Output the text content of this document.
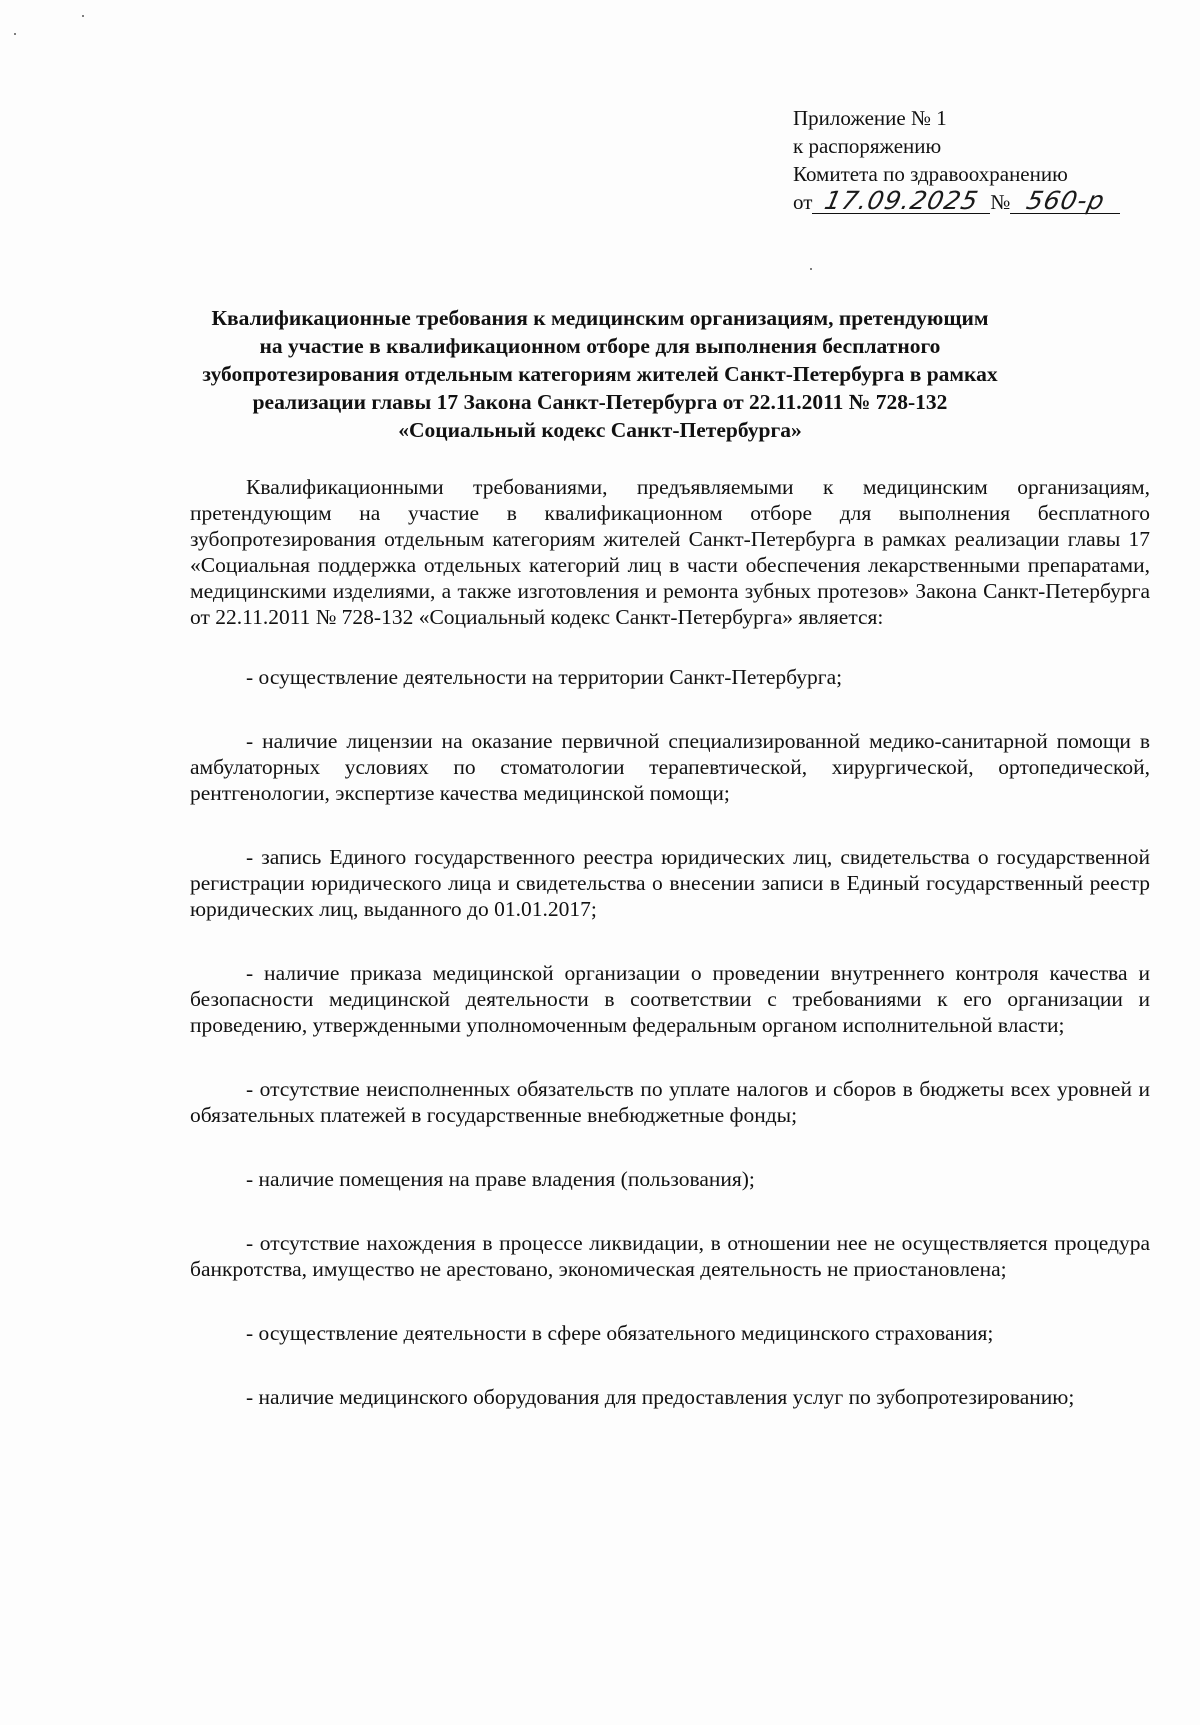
Приложение № 1
к распоряжению
Комитета по здравоохранению
от 17.09.2025 № 560-р
Квалификационные требования к медицинским организациям, претендующим
на участие в квалификационном отборе для выполнения бесплатного
зубопротезирования отдельным категориям жителей Санкт-Петербурга в рамках
реализации главы 17 Закона Санкт-Петербурга от 22.11.2011 № 728-132
«Социальный кодекс Санкт-Петербурга»

Квалификационными требованиями, предъявляемыми к медицинским организациям, претендующим на участие в квалификационном отборе для выполнения бесплатного зубопротезирования отдельным категориям жителей Санкт-Петербурга в рамках реализации главы 17 «Социальная поддержка отдельных категорий лиц в части обеспечения лекарственными препаратами, медицинскими изделиями, а также изготовления и ремонта зубных протезов» Закона Санкт-Петербурга от 22.11.2011 № 728-132 «Социальный кодекс Санкт-Петербурга» является:

- осуществление деятельности на территории Санкт-Петербурга;

- наличие лицензии на оказание первичной специализированной медико-санитарной помощи в амбулаторных условиях по стоматологии терапевтической, хирургической, ортопедической, рентгенологии, экспертизе качества медицинской помощи;

- запись Единого государственного реестра юридических лиц, свидетельства о государственной регистрации юридического лица и свидетельства о внесении записи в Единый государственный реестр юридических лиц, выданного до 01.01.2017;

- наличие приказа медицинской организации о проведении внутреннего контроля качества и безопасности медицинской деятельности в соответствии с требованиями к его организации и проведению, утвержденными уполномоченным федеральным органом исполнительной власти;

- отсутствие неисполненных обязательств по уплате налогов и сборов в бюджеты всех уровней и обязательных платежей в государственные внебюджетные фонды;

- наличие помещения на праве владения (пользования);

- отсутствие нахождения в процессе ликвидации, в отношении нее не осуществляется процедура банкротства, имущество не арестовано, экономическая деятельность не приостановлена;

- осуществление деятельности в сфере обязательного медицинского страхования;

- наличие медицинского оборудования для предоставления услуг по зубопротезированию;
